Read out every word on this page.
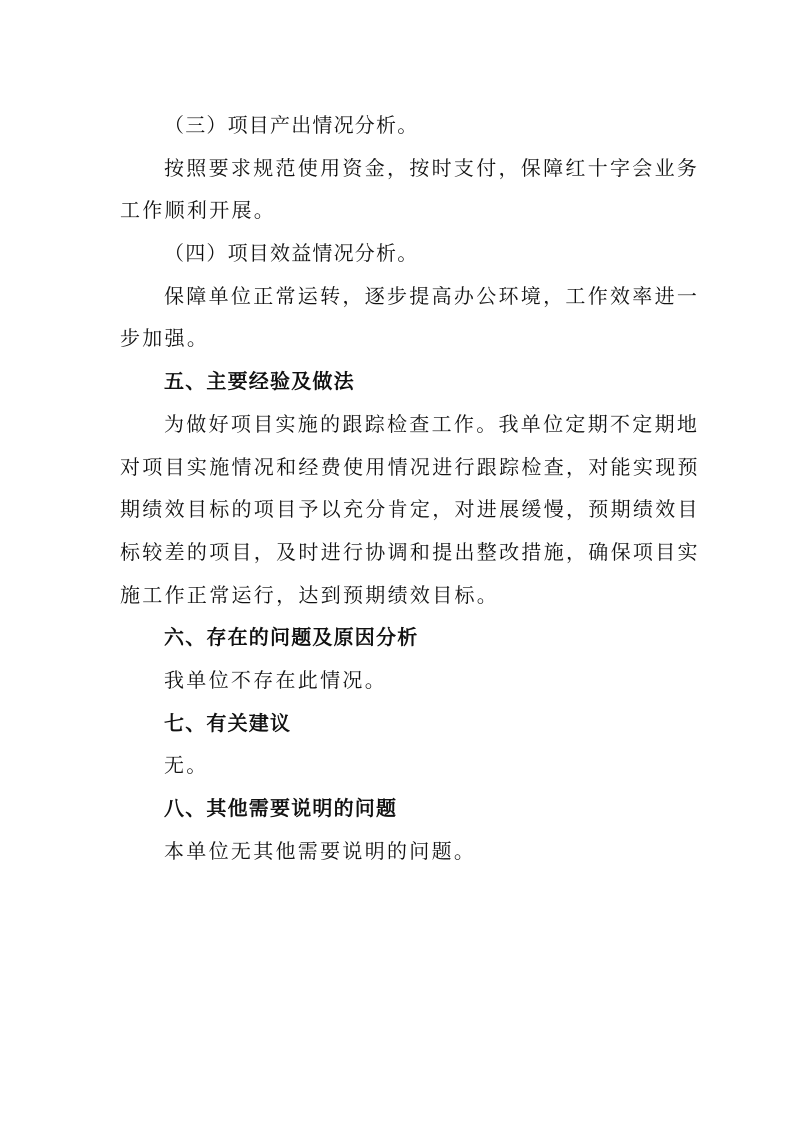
（三）项目产出情况分析。
按照要求规范使用资金，按时支付，保障红十字会业务
工作顺利开展。
（四）项目效益情况分析。
保障单位正常运转，逐步提高办公环境，工作效率进一
步加强。
五、主要经验及做法
为做好项目实施的跟踪检查工作。我单位定期不定期地
对项目实施情况和经费使用情况进行跟踪检查，对能实现预
期绩效目标的项目予以充分肯定，对进展缓慢，预期绩效目
标较差的项目，及时进行协调和提出整改措施，确保项目实
施工作正常运行，达到预期绩效目标。
六、存在的问题及原因分析
我单位不存在此情况。
七、有关建议
无。
八、其他需要说明的问题
本单位无其他需要说明的问题。
